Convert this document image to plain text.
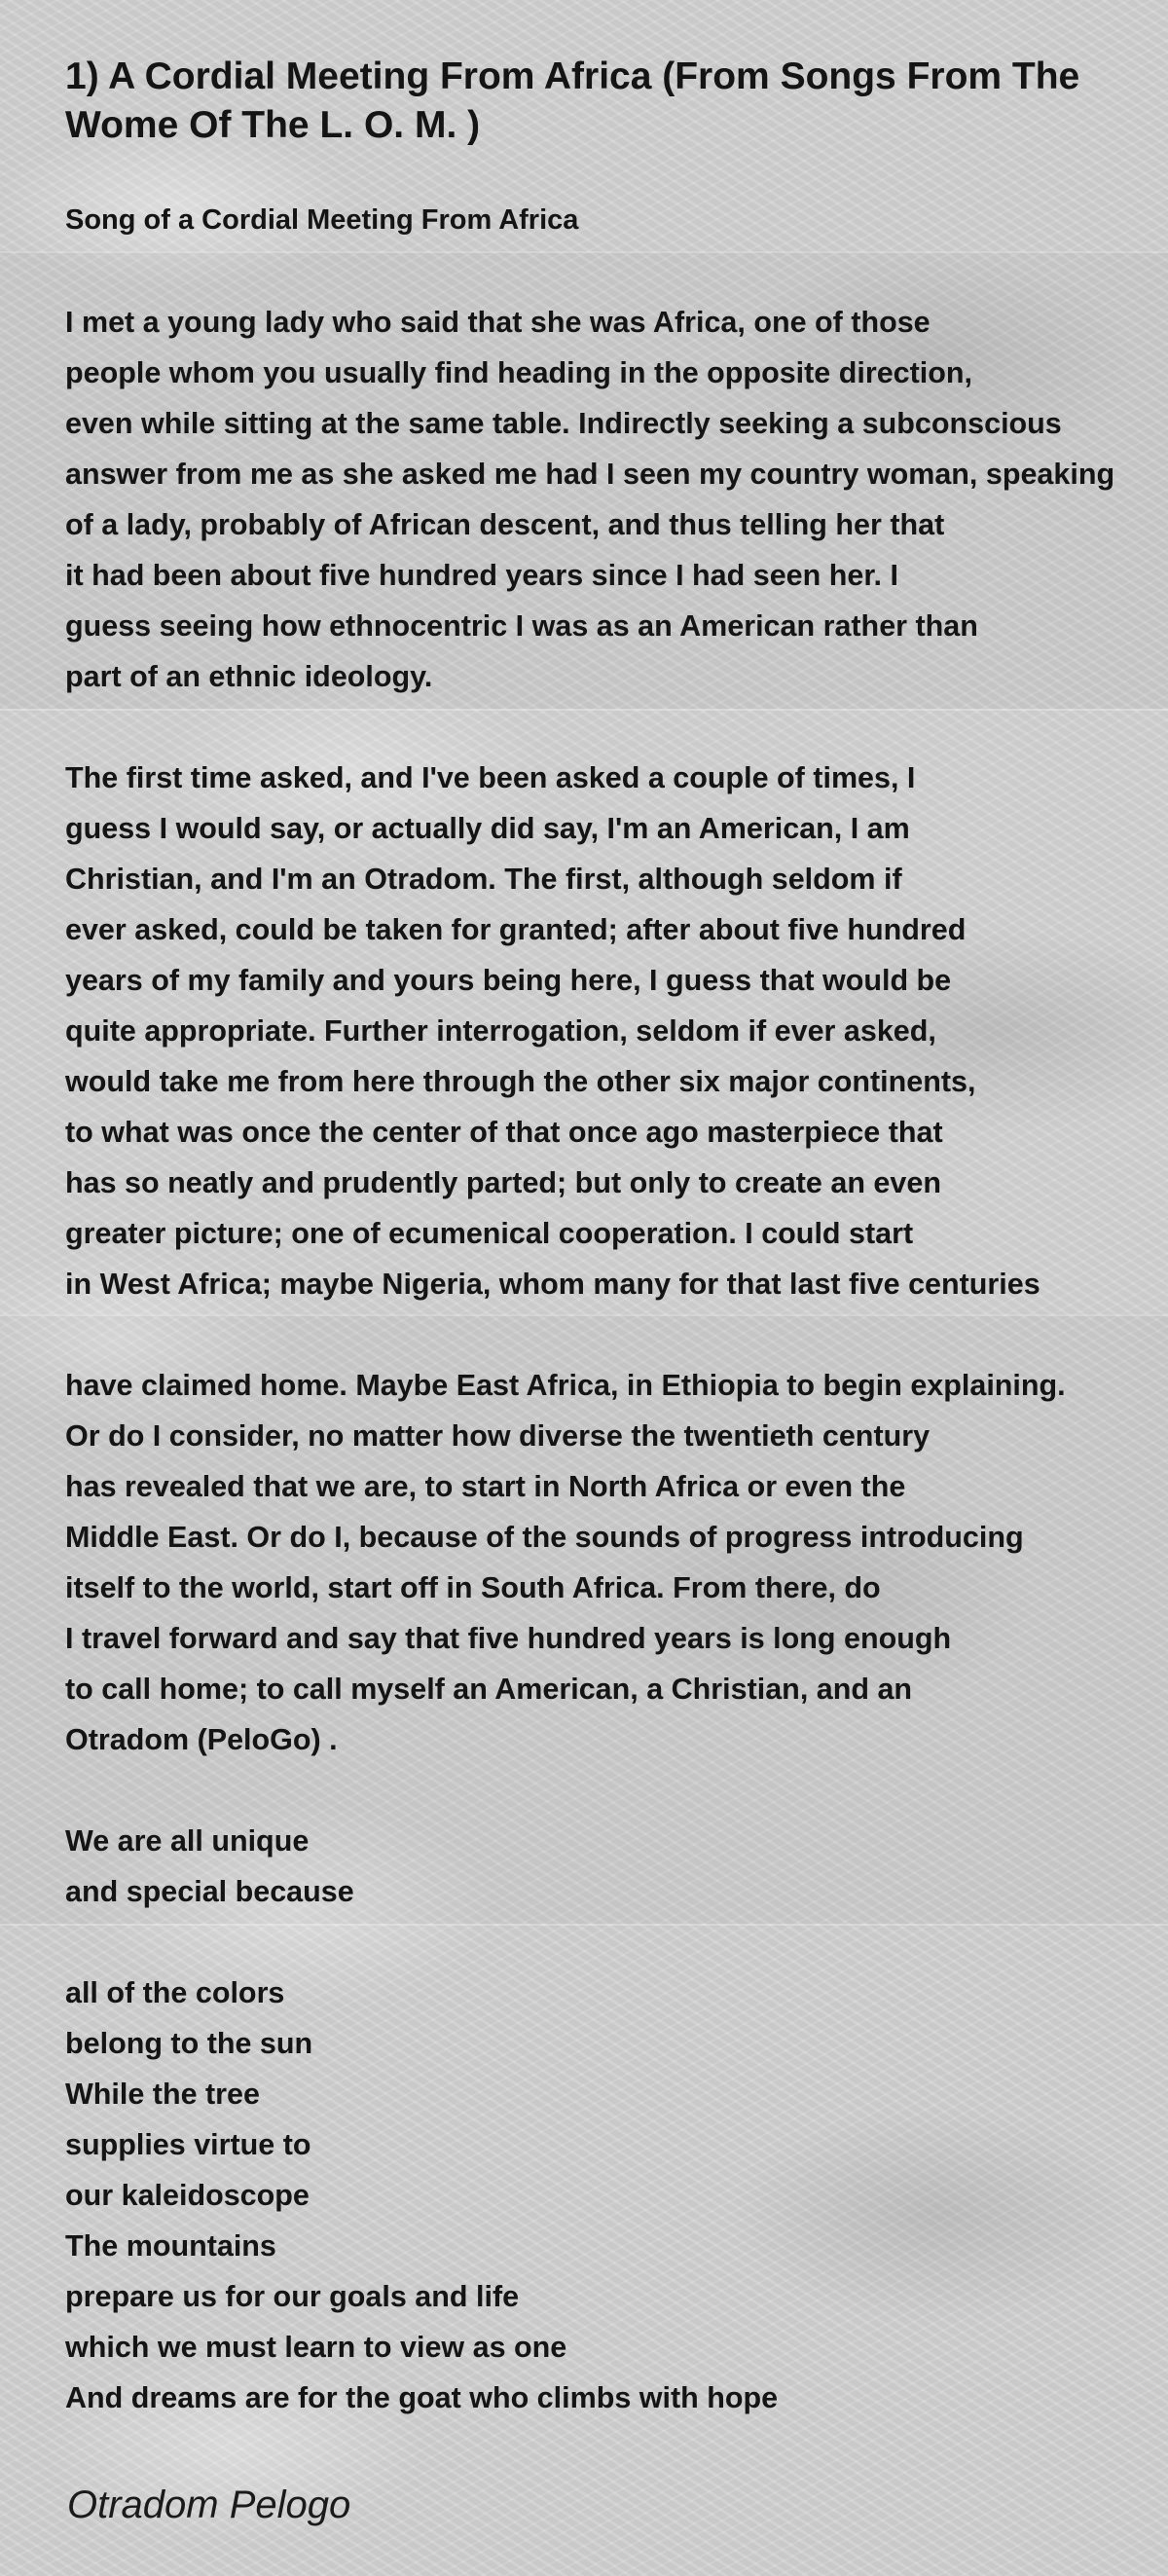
1) A Cordial Meeting From Africa (From Songs From The Wome Of The L. O. M. )
Song of a Cordial Meeting From Africa
I met a young lady who said that she was Africa, one of those
people whom you usually find heading in the opposite direction,
even while sitting at the same table. Indirectly seeking a subconscious
answer from me as she asked me had I seen my country woman, speaking
of a lady, probably of African descent, and thus telling her that
it had been about five hundred years since I had seen her. I
guess seeing how ethnocentric I was as an American rather than
part of an ethnic ideology.
The first time asked, and I've been asked a couple of times, I
guess I would say, or actually did say, I'm an American, I am
Christian, and I'm an Otradom. The first, although seldom if
ever asked, could be taken for granted; after about five hundred
years of my family and yours being here, I guess that would be
quite appropriate. Further interrogation, seldom if ever asked,
would take me from here through the other six major continents,
to what was once the center of that once ago masterpiece that
has so neatly and prudently parted; but only to create an even
greater picture; one of ecumenical cooperation. I could start
in West Africa; maybe Nigeria, whom many for that last five centuries
have claimed home. Maybe East Africa, in Ethiopia to begin explaining.
Or do I consider, no matter how diverse the twentieth century
has revealed that we are, to start in North Africa or even the
Middle East. Or do I, because of the sounds of progress introducing
itself to the world, start off in South Africa. From there, do
I travel forward and say that five hundred years is long enough
to call home; to call myself an American, a Christian, and an
Otradom (PeloGo) .
We are all unique
and special because
all of the colors
belong to the sun
While the tree
supplies virtue to
our kaleidoscope
The mountains
prepare us for our goals and life
which we must learn to view as one
And dreams are for the goat who climbs with hope
Otradom Pelogo
